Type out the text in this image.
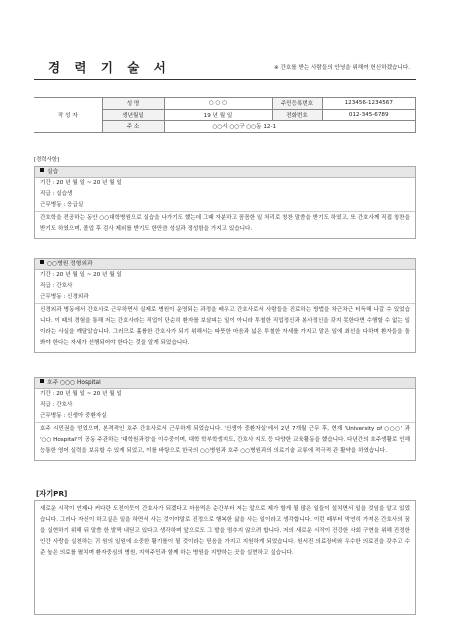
경 력 기 술 서	※ 간호를 받는 사람들의 안녕을 위해여 헌신하겠습니다.
작 성 자	성 명	○ ○ ○	주민등록번호	123456-1234567
	생년월일	19 년 월 일	전화번호	012-345-6789
	주 소	○○시 ○○구 ○○동 12-1		
[경력사항]
실습
기간 : 20 년 월 일 ~ 20 년 월 일
직급 : 실습생
근무병동 : 응급실
간호학을 전공하는 동안 ○○대학병원으로 실습을 나가기도 했는데 그때 자분하고 꼼꼼한 일 처리로 칭찬 말씀을 받기도 하였고, 또 간호사께 직접 칭찬을 받기도 하였으며, 졸업 후 검사 제외를 받기도 한만큼 성실과 정성함을 가지고 있습니다.
○○병원 정형외과
기간 : 20 년 월 일 ~ 20 년 월 일
직급 : 간호사
근무병동 : 신경외과
신경외과 병동에서 간호사로 근무하면서 실제로 병원이 운영되는 과정을 배우고 간호사로서 사람들을 진료하는 방법을 차근차근 터득해 나갈 수 있었습니다. 이 때의 경험을 통해 저는 간호사라는 직업이 단순히 환자를 보살피는 일이 아니라 투철한 직업정신과 봉사정신을 갖지 못한다면 수행할 수 없는 일이라는 사실을 깨달았습니다. 그러므로 훌륭한 간호사가 되기 위해서는 따뜻한 마음과 넓은 투철한 자세를 가지고 맡은 일에 최선을 다하며 환자들을 돌봐야 한다는 자세가 선행되어야 한다는 것을 알게 되었습니다.
호주 ○○○ Hospital
기간 : 20 년 월 일 ~ 20 년 월 일
직급 : 간호사
근무병동 : 신생아 중환자실
호주 시민권을 얻었으며, 본격적인 호주 간호사로서 근무하게 되었습니다. '신생아 중환자실'에서 2년 7개월 근무 후, 현재 'University of ○○○' 과 '○○ Hospital'이 공동 주관하는 '대학원과정'을 이수중이며, 대학 학부학생지도, 간호사 지도 등 다양한 교육활동을 했습니다. 다년간의 호주생활로 인해 능통한 영어 실력을 보유할 수 있게 되었고, 이를 바탕으로 한국의 ○○병원과 호주 ○○병원과의 의료기술 교류에 적극적 관 활약을 하였습니다.
[자기PR]
새로운 시작이 언제나 커다란 도전이듯이 간호사가 되겠다고 마음먹은 순간부터 저는 앞으로 제가 할게 될 많은 일들이 설치면서 일을 것임을 알고 있었습니다. 그러나 자신이 하고싶은 일을 하면서 사는 것이야말로 진정으로 행복한 삶을 사는 일이라고 생각합니다. 이런 때부터 막연히 가져온 간호사의 꿈을 실현하기 위해 뒤 말씀 한 발짝 내딛고 있다고 생각하며 앞으로도 그 발을 멈추지 않으려 합니다. 저의 새로운 시작이 건강한 사회 구현을 위해 진정한 인간 사랑을 실천하는 귀 원의 일원에 소중한 활기를이 될 것이라는 믿음을 가지고 지원하게 되었습니다. 원서진 의료장비와 우수한 의료진을 갖추고 수준 높은 의료를 펼치며 환자중심의 병원, 지역주민과 함께 하는 병원을 지향하는 곳을 실현하고 싶습니다.
